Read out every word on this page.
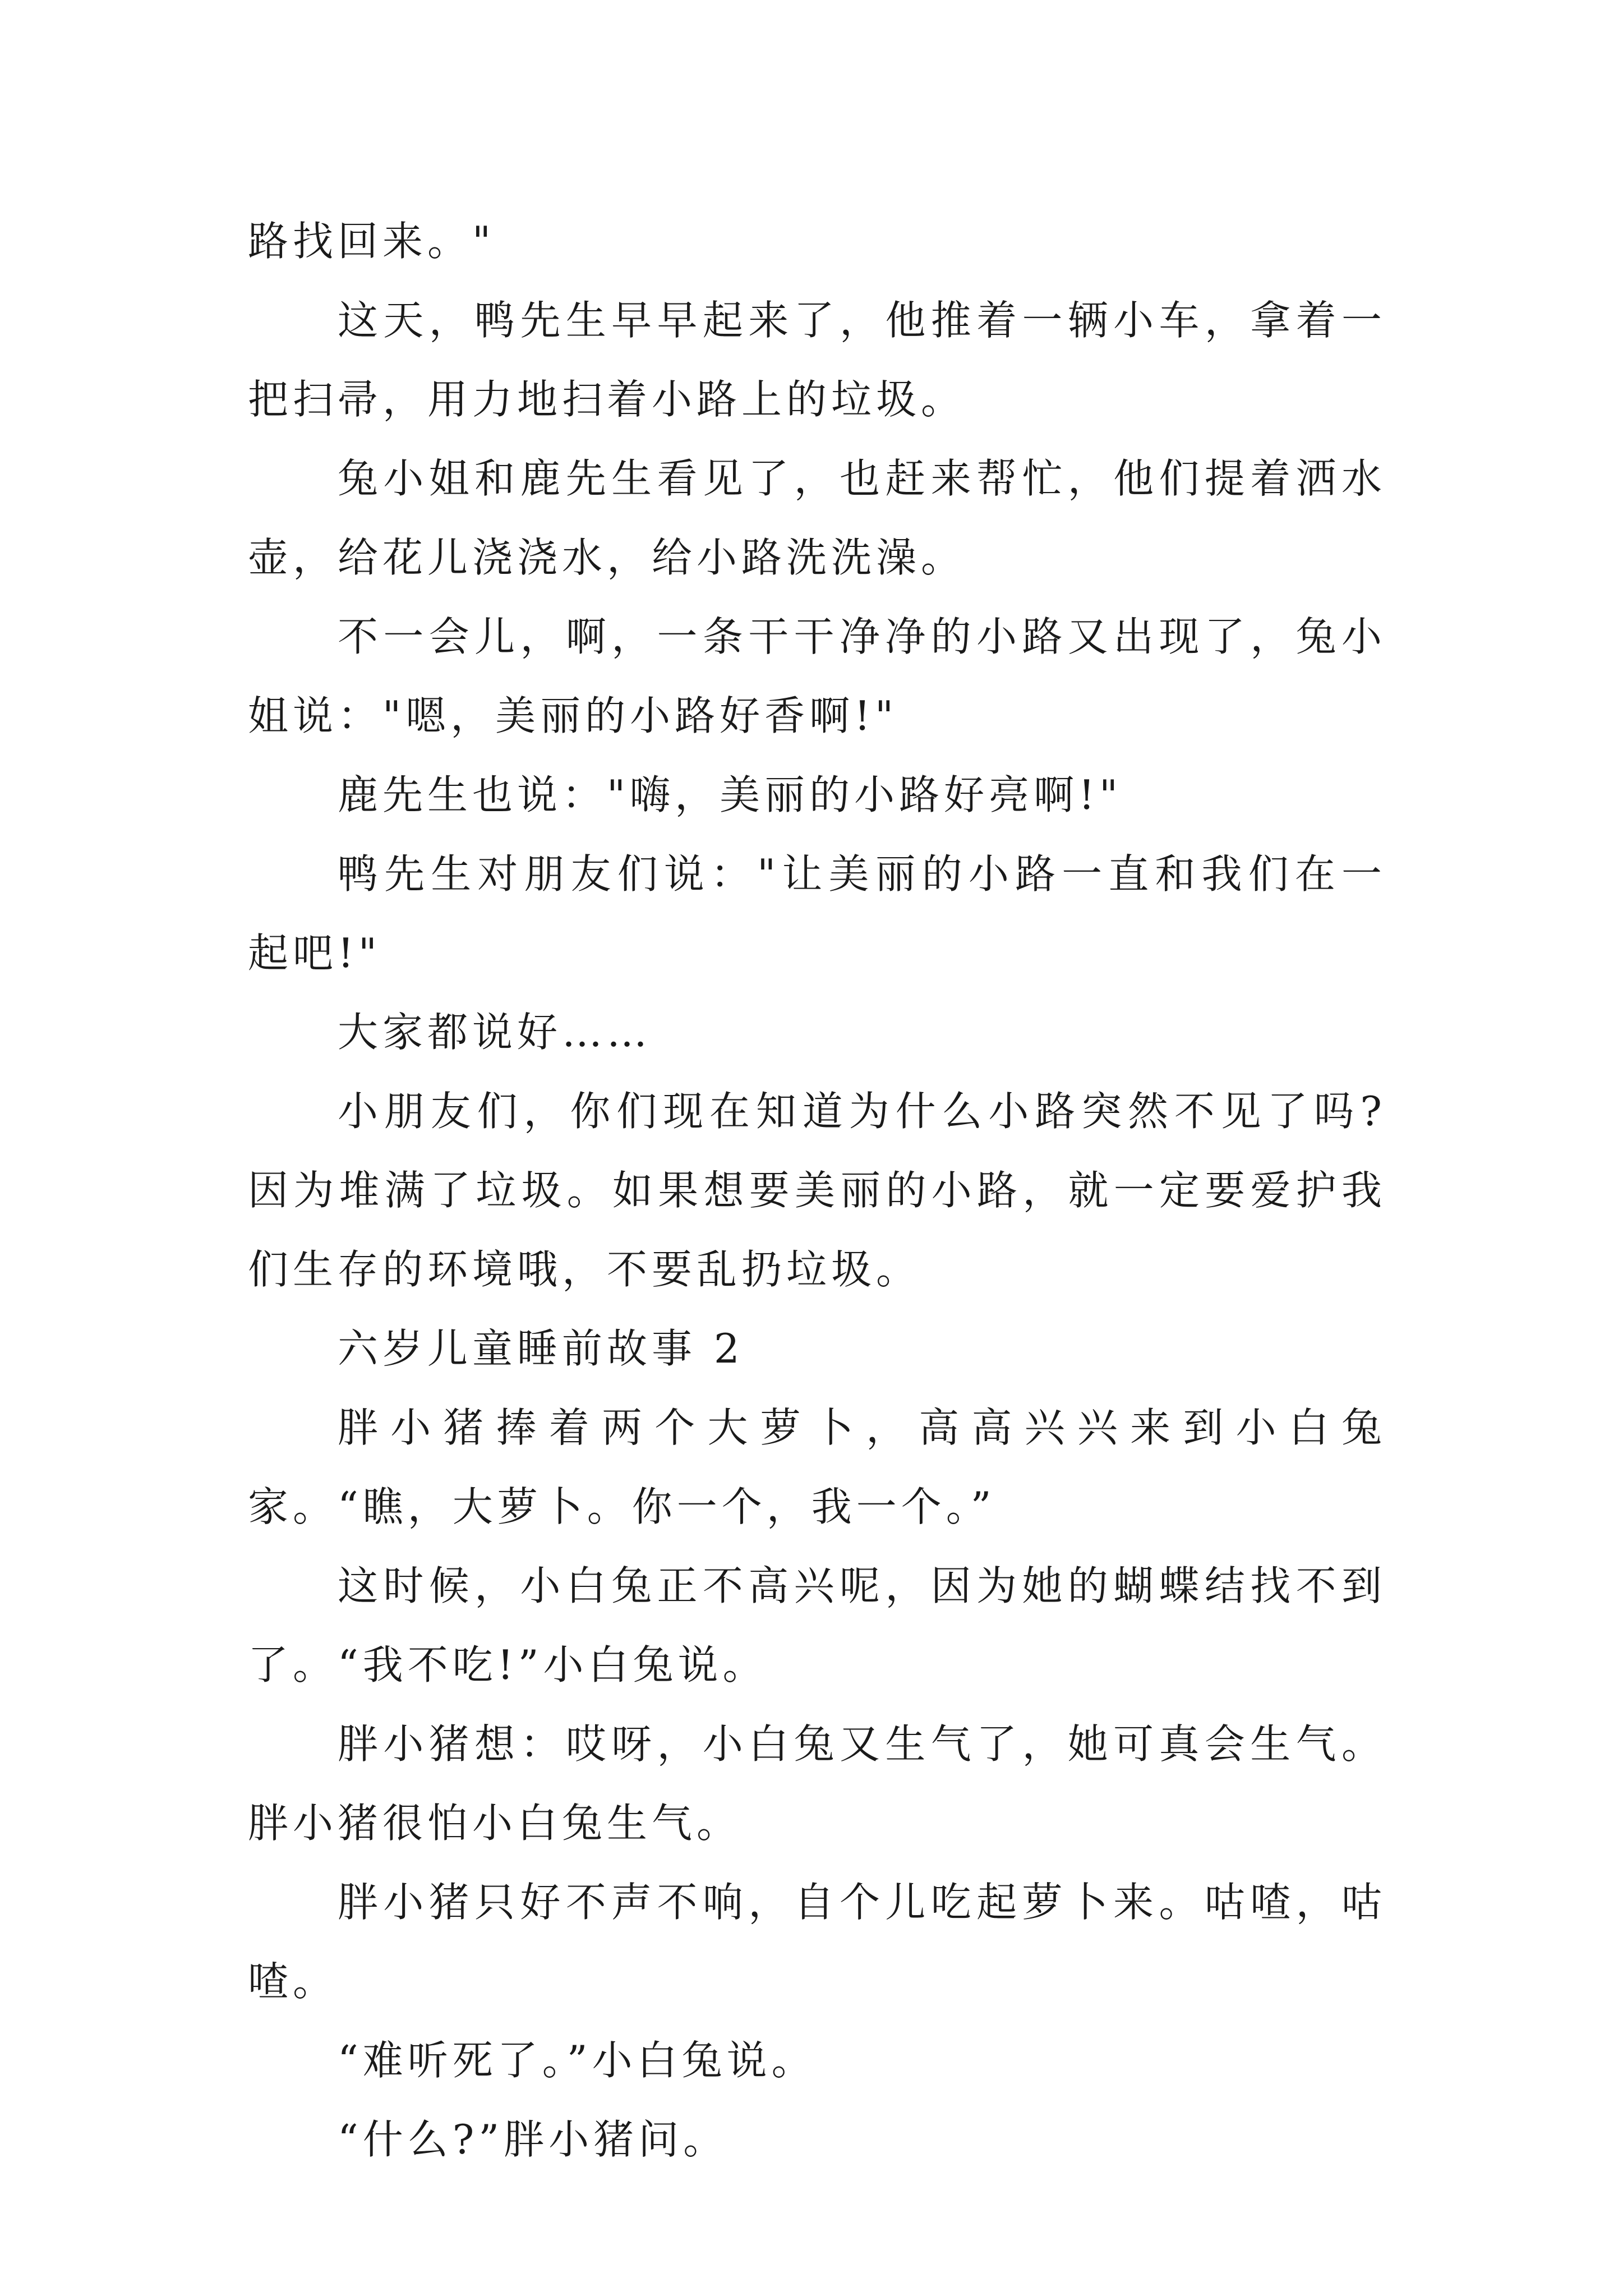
路找回来。"

这天，鸭先生早早起来了，他推着一辆小车，拿着一把扫帚，用力地扫着小路上的垃圾。

兔小姐和鹿先生看见了，也赶来帮忙，他们提着洒水壶，给花儿浇浇水，给小路洗洗澡。

不一会儿，啊，一条干干净净的小路又出现了，兔小姐说："嗯，美丽的小路好香啊!"

鹿先生也说："嗨，美丽的小路好亮啊!"

鸭先生对朋友们说："让美丽的小路一直和我们在一起吧!"

大家都说好……

小朋友们，你们现在知道为什么小路突然不见了吗?因为堆满了垃圾。如果想要美丽的小路，就一定要爱护我们生存的环境哦，不要乱扔垃圾。

六岁儿童睡前故事 2

胖小猪捧着两个大萝卜，高高兴兴来到小白兔家。“瞧，大萝卜。你一个，我一个。”

这时候，小白兔正不高兴呢，因为她的蝴蝶结找不到了。“我不吃!”小白兔说。

胖小猪想：哎呀，小白兔又生气了，她可真会生气。胖小猪很怕小白兔生气。

胖小猪只好不声不响，自个儿吃起萝卜来。咕喳，咕喳。

“难听死了。”小白兔说。

“什么?”胖小猪问。
